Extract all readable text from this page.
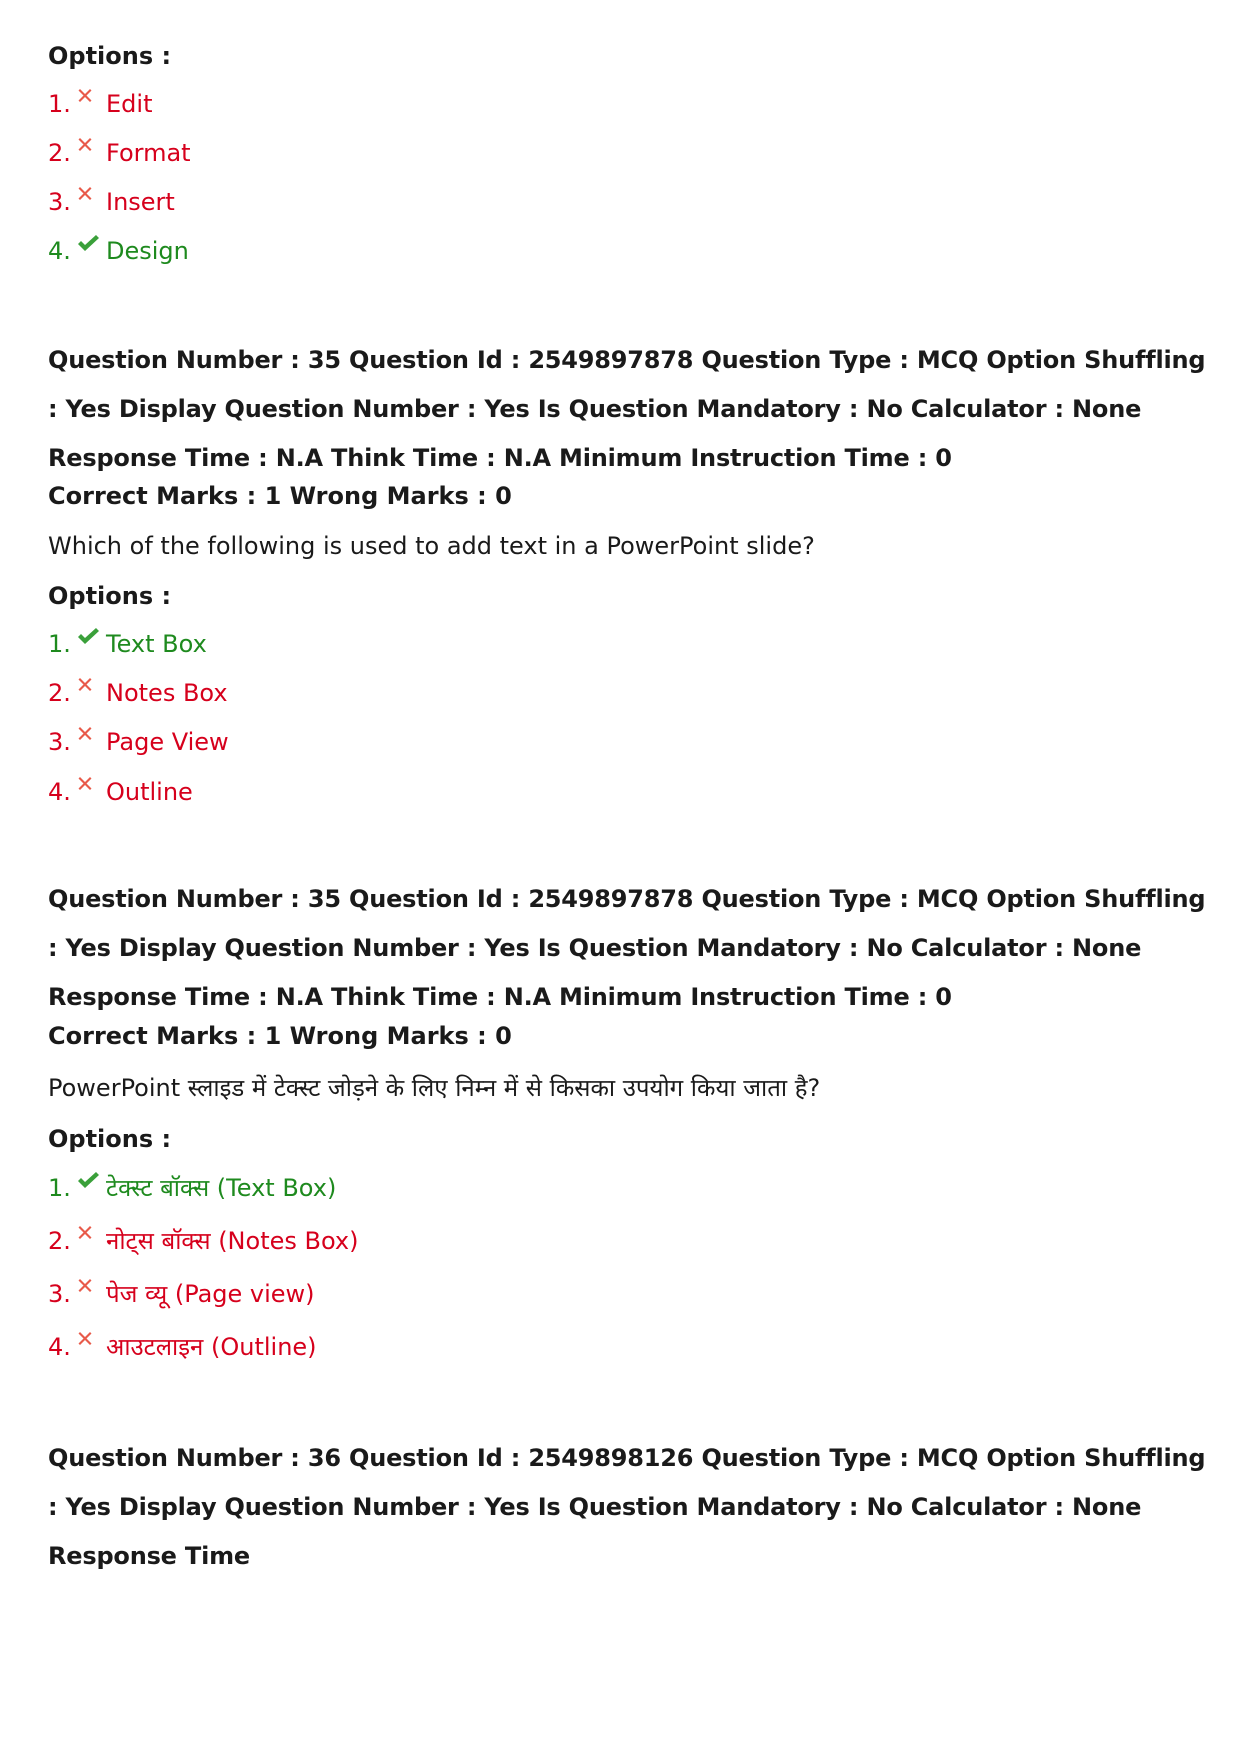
Options :
1. Edit
2. Format
3. Insert
4. Design
Question Number : 35 Question Id : 2549897878 Question Type : MCQ Option Shuffling : Yes Display Question Number : Yes Is Question Mandatory : No Calculator : None Response Time : N.A Think Time : N.A Minimum Instruction Time : 0
Correct Marks : 1 Wrong Marks : 0
Which of the following is used to add text in a PowerPoint slide?
Options :
1. Text Box
2. Notes Box
3. Page View
4. Outline
Question Number : 35 Question Id : 2549897878 Question Type : MCQ Option Shuffling : Yes Display Question Number : Yes Is Question Mandatory : No Calculator : None Response Time : N.A Think Time : N.A Minimum Instruction Time : 0
Correct Marks : 1 Wrong Marks : 0
PowerPoint स्लाइड में टेक्स्ट जोड़ने के लिए निम्न में से किसका उपयोग किया जाता है?
Options :
1. टेक्स्ट बॉक्स (Text Box)
2. नोट्स बॉक्स (Notes Box)
3. पेज व्यू (Page view)
4. आउटलाइन (Outline)
Question Number : 36 Question Id : 2549898126 Question Type : MCQ Option Shuffling : Yes Display Question Number : Yes Is Question Mandatory : No Calculator : None Response Time
